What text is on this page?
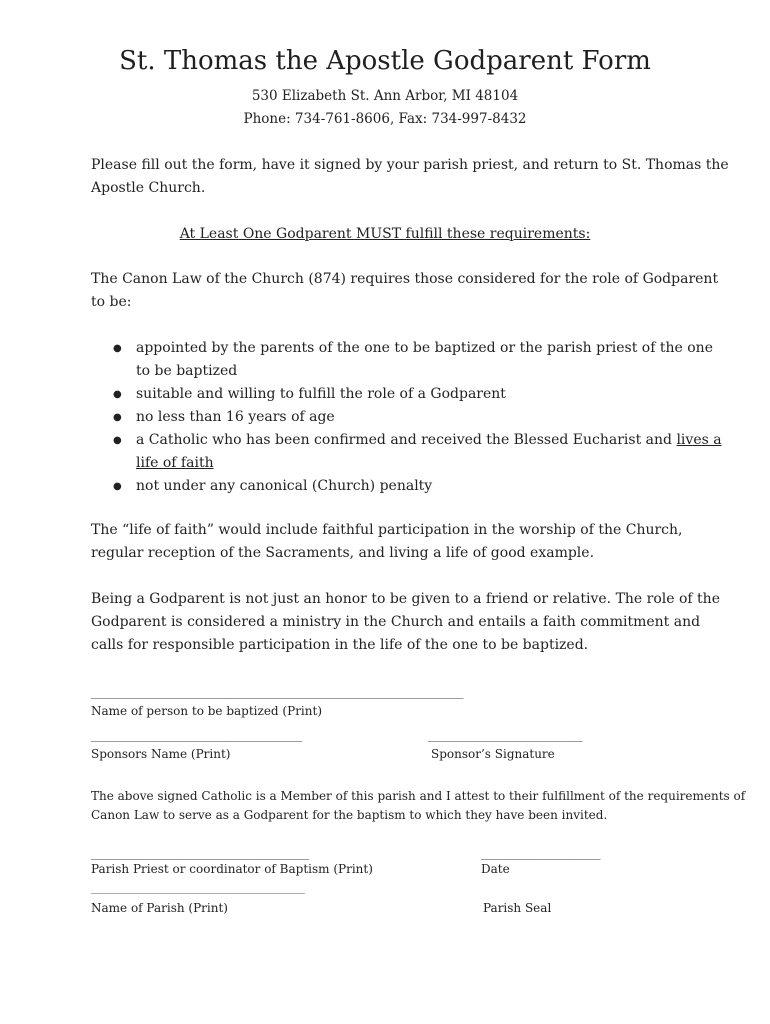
St. Thomas the Apostle Godparent Form
530 Elizabeth St. Ann Arbor, MI 48104
Phone: 734-761-8606, Fax: 734-997-8432
Please fill out the form, have it signed by your parish priest, and return to St. Thomas the
Apostle Church.
At Least One Godparent MUST fulfill these requirements:
The Canon Law of the Church (874) requires those considered for the role of Godparent
to be:
● appointed by the parents of the one to be baptized or the parish priest of the one
to be baptized
● suitable and willing to fulfill the role of a Godparent
● no less than 16 years of age
● a Catholic who has been confirmed and received the Blessed Eucharist and lives a
life of faith
● not under any canonical (Church) penalty
The “life of faith” would include faithful participation in the worship of the Church,
regular reception of the Sacraments, and living a life of good example.
Being a Godparent is not just an honor to be given to a friend or relative. The role of the
Godparent is considered a ministry in the Church and entails a faith commitment and
calls for responsible participation in the life of the one to be baptized.
_____________________________________________________
Name of person to be baptized (Print)
______________________________	______________________
Sponsors Name (Print)	Sponsor’s Signature
The above signed Catholic is a Member of this parish and I attest to their fulfillment of the requirements of
Canon Law to serve as a Godparent for the baptism to which they have been invited.
_______________________________	_________________
Parish Priest or coordinator of Baptism (Print)	Date
______________________________________
Name of Parish (Print)	Parish Seal
